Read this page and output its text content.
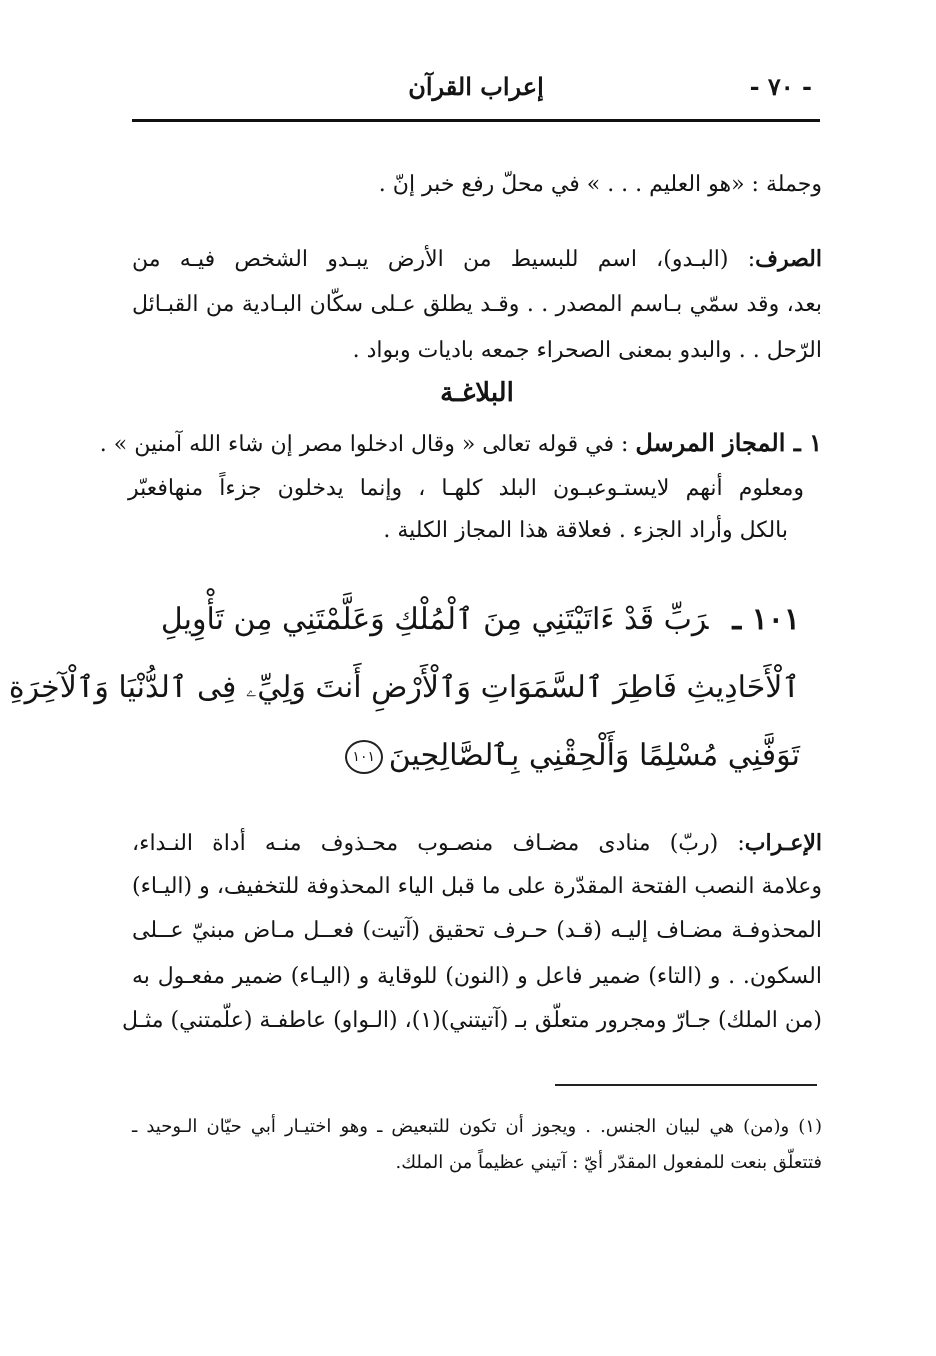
- ٧٠ -
إعراب القرآن
وجملة : «هو العليم . . . » في محلّ رفع خبر إنّ .
الصرف: (البـدو)، اسم للبسيط من الأرض يبـدو الشخص فيـه من
بعد، وقد سمّي بـاسم المصدر . . وقـد يطلق عـلى سكّان البـادية من القبـائل
الرّحل . . والبدو بمعنى الصحراء جمعه باديات وبواد .
البلاغـة
١ ـ المجاز المرسل : في قوله تعالى « وقال ادخلوا مصر إن شاء الله آمنين » .
ومعلوم أنهم لايستـوعبـون البلد كلهـا ، وإنما يدخلون جزءاً منهافعبّر
بالكل وأراد الجزء . فعلاقة هذا المجاز الكلية .
١٠١ ـرَبِّ قَدْ ءَاتَيْتَنِي مِنَ ٱلْمُلْكِ وَعَلَّمْتَنِي مِن تَأْوِيلِ
ٱلْأَحَادِيثِ فَاطِرَ ٱلسَّمَوَاتِ وَٱلْأَرْضِ أَنتَ وَلِيِّۦ فِى ٱلدُّنْيَا وَٱلْآخِرَةِ
تَوَفَّنِي مُسْلِمًا وَأَلْحِقْنِي بِٱلصَّالِحِينَ١٠١
الإعـراب: (ربّ) منادى مضـاف منصـوب محـذوف منـه أداة النـداء،
وعلامة النصب الفتحة المقدّرة على ما قبل الياء المحذوفة للتخفيف، و (اليـاء)
المحذوفـة مضـاف إليـه (قـد) حـرف تحقيق (آتيت) فعــل مـاض مبنيّ عــلى
السكون. . و (التاء) ضمير فاعل و (النون) للوقاية و (اليـاء) ضمير مفعـول به
(من الملك) جـارّ ومجرور متعلّق بـ (آتيتني)(١)، (الـواو) عاطفـة (علّمتني) مثـل
(١) و(من) هي لبيان الجنس. . ويجوز أن تكون للتبعيض ـ وهو اختيـار أبي حيّان الـوحيد ـ
فتتعلّق بنعت للمفعول المقدّر أيّ : آتيني عظيماً من الملك.
